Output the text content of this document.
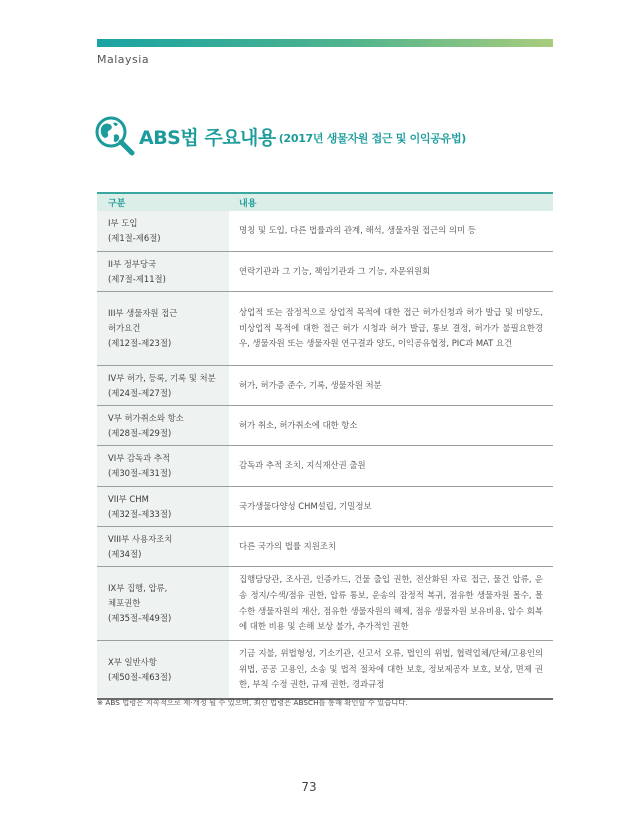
Malaysia
ABS법 주요내용 (2017년 생물자원 접근 및 이익공유법)
구분	내용
I부 도입
(제1절-제6절)
명칭 및 도입, 다른 법률과의 관계, 해석, 생물자원 접근의 의미 등
II부 정부당국
(제7절-제11절)
연락기관과 그 기능, 책임기관과 그 기능, 자문위원회
III부 생물자원 접근
허가요건
(제12절-제23절)
상업적 또는 잠정적으로 상업적 목적에 대한 접근 허가신청과 허가 발급 및 비양도, 비상업적 목적에 대한 접근 허가 시청과 허가 발급, 통보 결정, 허가가 불필요한경우, 생물자원 또는 생물자원 연구결과 양도, 이익공유협정, PIC과 MAT 요건
IV부 허가, 등록, 기록 및 처분
(제24절-제27절)
허가, 허가증 준수, 기록, 생물자원 처분
V부 허가취소와 항소
(제28절-제29절)
허가 취소, 허가취소에 대한 항소
VI부 감독과 추적
(제30절-제31절)
감독과 추적 조치, 지식재산권 출원
VII부 CHM
(제32절-제33절)
국가생물다양성 CHM설립, 기밀정보
VIII부 사용자조치
(제34절)
다른 국가의 법률 지원조치
IX부 집행, 압류,
체포권한
(제35절-제49절)
집행담당관, 조사권, 인증카드, 건물 출입 권한, 전산화된 자료 접근, 물건 압류, 운송 정지/수색/점유 권한, 압류 통보, 운송의 잠정적 복귀, 점유한 생물자원 몰수, 몰수한 생물자원의 재산, 점유한 생물자원의 해제, 점유 생물자원 보유비용, 압수 회복에 대한 비용 및 손해 보상 불가, 추가적인 권한
X부 일반사항
(제50절-제63절)
기금 지불, 위법형성, 기소기관, 신고서 오류, 법인의 위법, 협력업체/단체/고용인의 위법, 공공 고용인, 소송 및 법적 절차에 대한 보호, 정보제공자 보호, 보상, 면제 권한, 부칙 수정 권한, 규제 권한, 경과규정
※ ABS 법령은 지속적으로 제·개정 될 수 있으며, 최신 법령은 ABSCH를 통해 확인할 수 있습니다.
73
